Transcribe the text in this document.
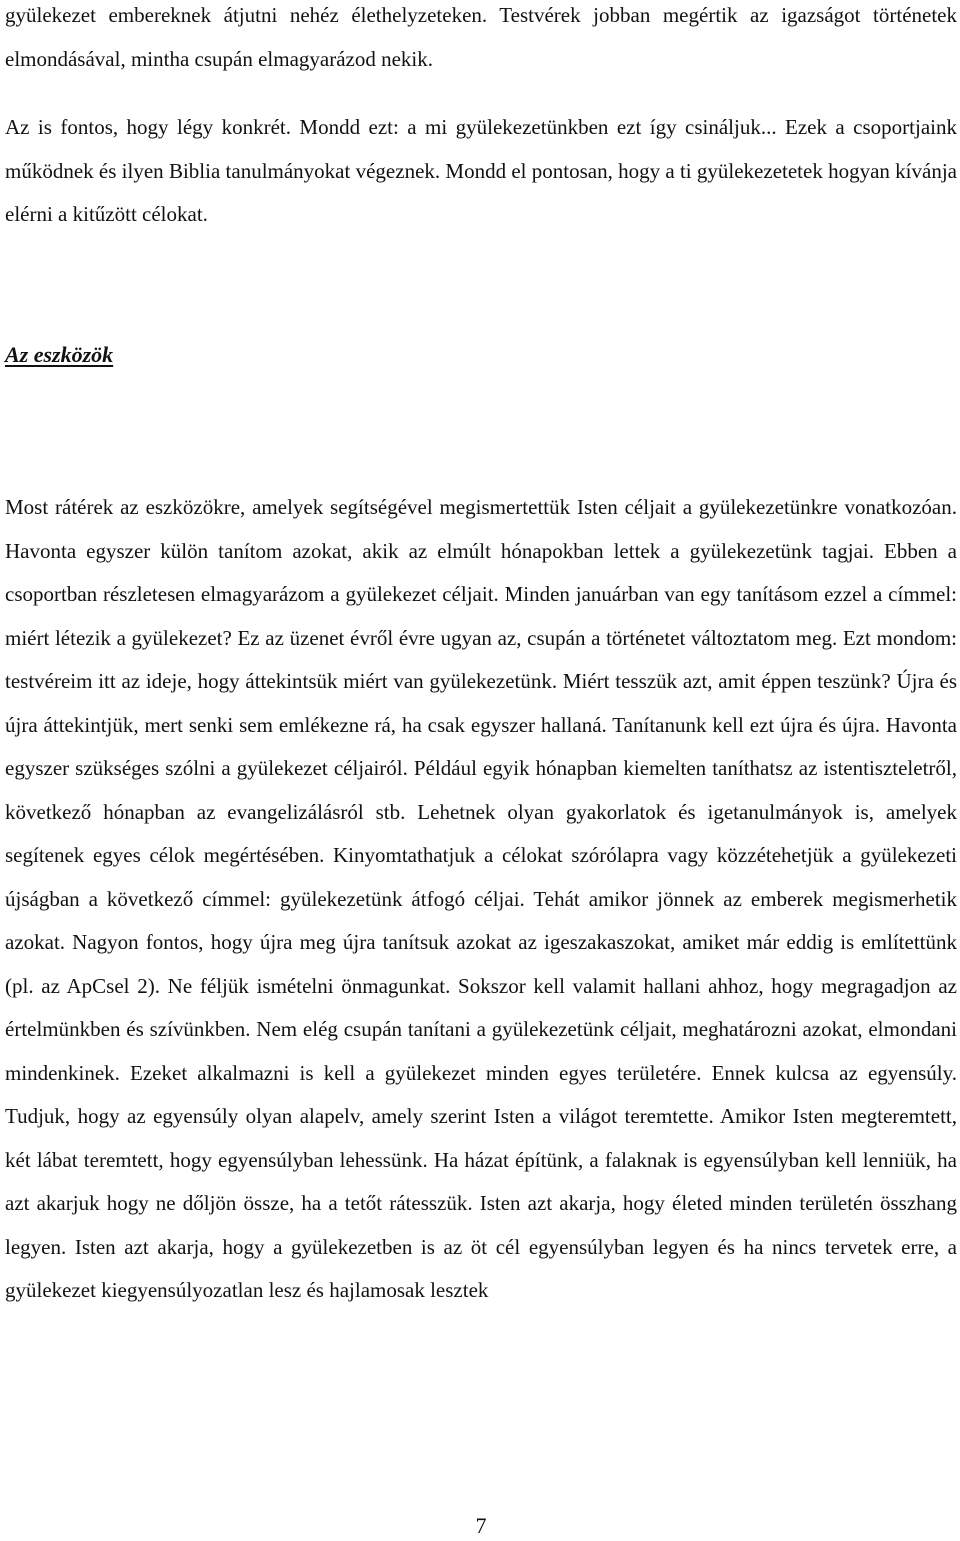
gyülekezet embereknek átjutni nehéz élethelyzeteken. Testvérek jobban megértik az igazságot történetek elmondásával, mintha csupán elmagyarázod nekik.

Az is fontos, hogy légy konkrét. Mondd ezt: a mi gyülekezetünkben ezt így csináljuk... Ezek a csoportjaink működnek és ilyen Biblia tanulmányokat végeznek. Mondd el pontosan, hogy a ti gyülekezetetek hogyan kívánja elérni a kitűzött célokat.

Az eszközök

Most rátérek az eszközökre, amelyek segítségével megismertettük Isten céljait a gyülekezetünkre vonatkozóan. Havonta egyszer külön tanítom azokat, akik az elmúlt hónapokban lettek a gyülekezetünk tagjai. Ebben a csoportban részletesen elmagyarázom a gyülekezet céljait. Minden januárban van egy tanításom ezzel a címmel: miért létezik a gyülekezet? Ez az üzenet évről évre ugyan az, csupán a történetet változtatom meg. Ezt mondom: testvéreim itt az ideje, hogy áttekintsük miért van gyülekezetünk. Miért tesszük azt, amit éppen teszünk? Újra és újra áttekintjük, mert senki sem emlékezne rá, ha csak egyszer hallaná. Tanítanunk kell ezt újra és újra. Havonta egyszer szükséges szólni a gyülekezet céljairól. Például egyik hónapban kiemelten taníthatsz az istentiszteletről, következő hónapban az evangelizálásról stb. Lehetnek olyan gyakorlatok és igetanulmányok is, amelyek segítenek egyes célok megértésében. Kinyomtathatjuk a célokat szórólapra vagy közzétehetjük a gyülekezeti újságban a következő címmel: gyülekezetünk átfogó céljai. Tehát amikor jönnek az emberek megismerhetik azokat. Nagyon fontos, hogy újra meg újra tanítsuk azokat az igeszakaszokat, amiket már eddig is említettünk (pl. az ApCsel 2). Ne féljük ismételni önmagunkat. Sokszor kell valamit hallani ahhoz, hogy megragadjon az értelmünkben és szívünkben. Nem elég csupán tanítani a gyülekezetünk céljait, meghatározni azokat, elmondani mindenkinek. Ezeket alkalmazni is kell a gyülekezet minden egyes területére. Ennek kulcsa az egyensúly. Tudjuk, hogy az egyensúly olyan alapelv, amely szerint Isten a világot teremtette. Amikor Isten megteremtett, két lábat teremtett, hogy egyensúlyban lehessünk. Ha házat építünk, a falaknak is egyensúlyban kell lenniük, ha azt akarjuk hogy ne dőljön össze, ha a tetőt rátesszük. Isten azt akarja, hogy életed minden területén összhang legyen. Isten azt akarja, hogy a gyülekezetben is az öt cél egyensúlyban legyen és ha nincs tervetek erre, a gyülekezet kiegyensúlyozatlan lesz és hajlamosak lesztek

7
